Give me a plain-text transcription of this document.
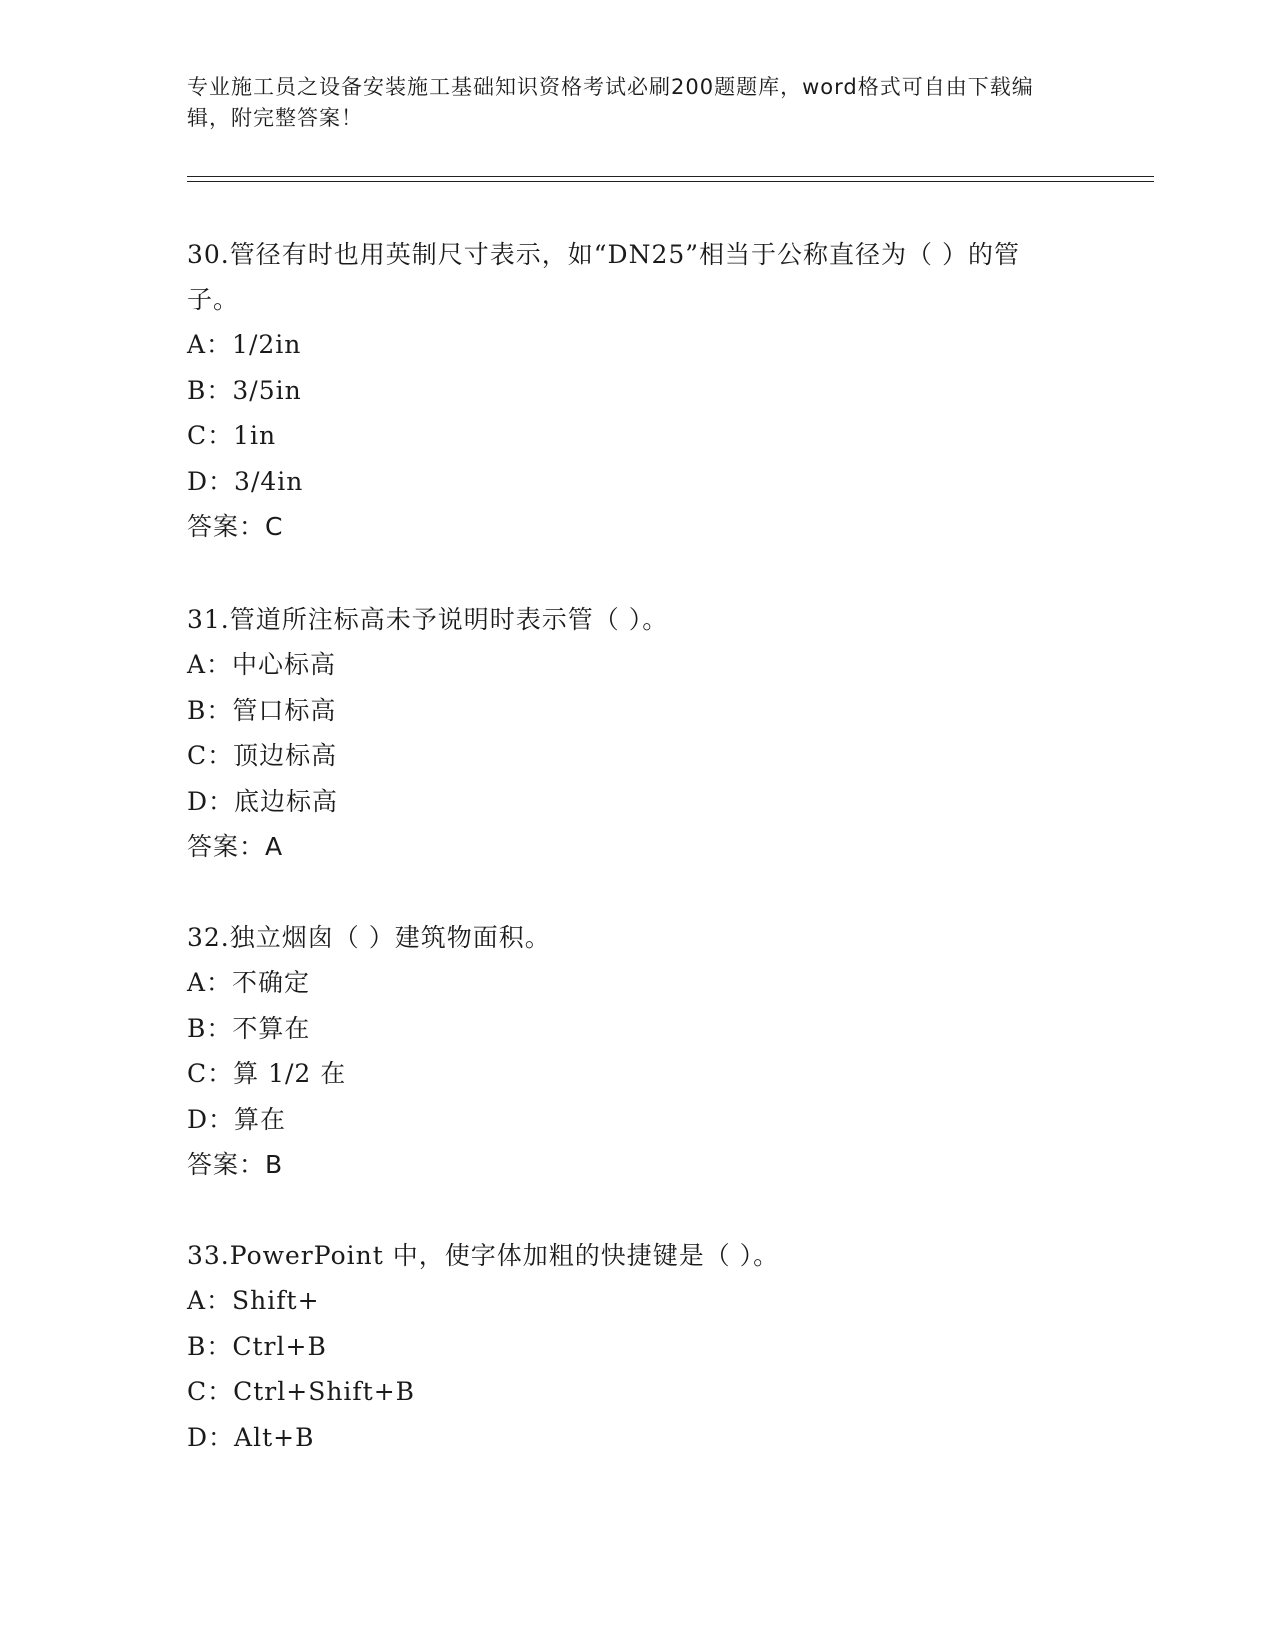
专业施工员之设备安装施工基础知识资格考试必刷200题题库，word格式可自由下载编辑，附完整答案！
30.管径有时也用英制尺寸表示，如“DN25”相当于公称直径为（ ）的管子。
A：1/2in
B：3/5in
C：1in
D：3/4in
答案：C
31.管道所注标高未予说明时表示管（ ）。
A：中心标高
B：管口标高
C：顶边标高
D：底边标高
答案：A
32.独立烟囱（ ）建筑物面积。
A：不确定
B：不算在
C：算 1/2 在
D：算在
答案：B
33.PowerPoint 中，使字体加粗的快捷键是（ ）。
A：Shift+
B：Ctrl+B
C：Ctrl+Shift+B
D：Alt+B
